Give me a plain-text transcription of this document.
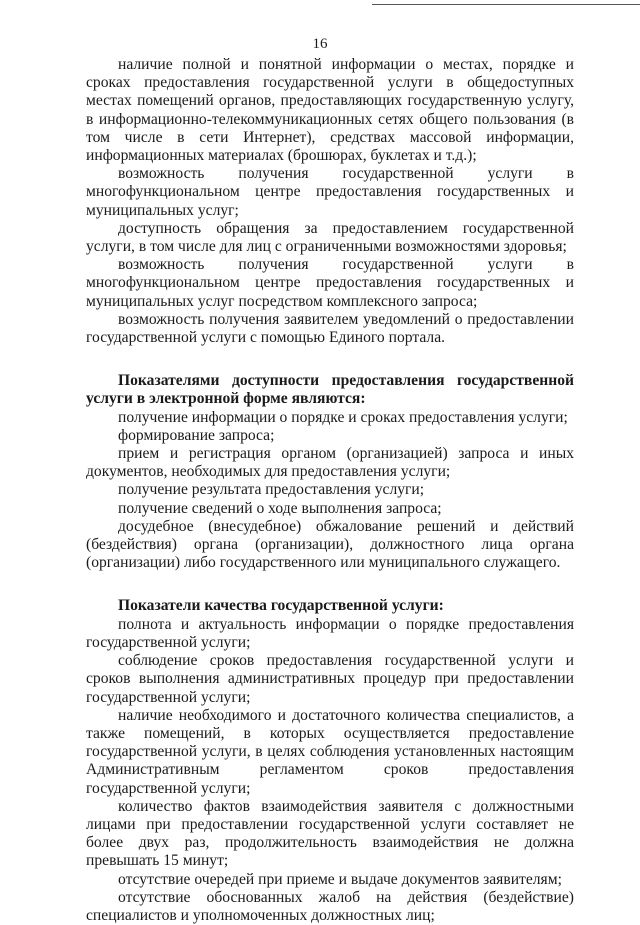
16

наличие полной и понятной информации о местах, порядке и сроках предоставления государственной услуги в общедоступных местах помещений органов, предоставляющих государственную услугу, в информационно-телекоммуникационных сетях общего пользования (в том числе в сети Интернет), средствах массовой информации, информационных материалах (брошюрах, буклетах и т.д.);

возможность получения государственной услуги в многофункциональном центре предоставления государственных и муниципальных услуг;

доступность обращения за предоставлением государственной услуги, в том числе для лиц с ограниченными возможностями здоровья;

возможность получения государственной услуги в многофункциональном центре предоставления государственных и муниципальных услуг посредством комплексного запроса;

возможность получения заявителем уведомлений о предоставлении государственной услуги с помощью Единого портала.

Показателями доступности предоставления государственной услуги в электронной форме являются:

получение информации о порядке и сроках предоставления услуги;

формирование запроса;

прием и регистрация органом (организацией) запроса и иных документов, необходимых для предоставления услуги;

получение результата предоставления услуги;

получение сведений о ходе выполнения запроса;

досудебное (внесудебное) обжалование решений и действий (бездействия) органа (организации), должностного лица органа (организации) либо государственного или муниципального служащего.

Показатели качества государственной услуги:

полнота и актуальность информации о порядке предоставления государственной услуги;

соблюдение сроков предоставления государственной услуги и сроков выполнения административных процедур при предоставлении государственной услуги;

наличие необходимого и достаточного количества специалистов, а также помещений, в которых осуществляется предоставление государственной услуги, в целях соблюдения установленных настоящим Административным регламентом сроков предоставления государственной услуги;

количество фактов взаимодействия заявителя с должностными лицами при предоставлении государственной услуги составляет не более двух раз, продолжительность взаимодействия не должна превышать 15 минут;

отсутствие очередей при приеме и выдаче документов заявителям;

отсутствие обоснованных жалоб на действия (бездействие) специалистов и уполномоченных должностных лиц;
